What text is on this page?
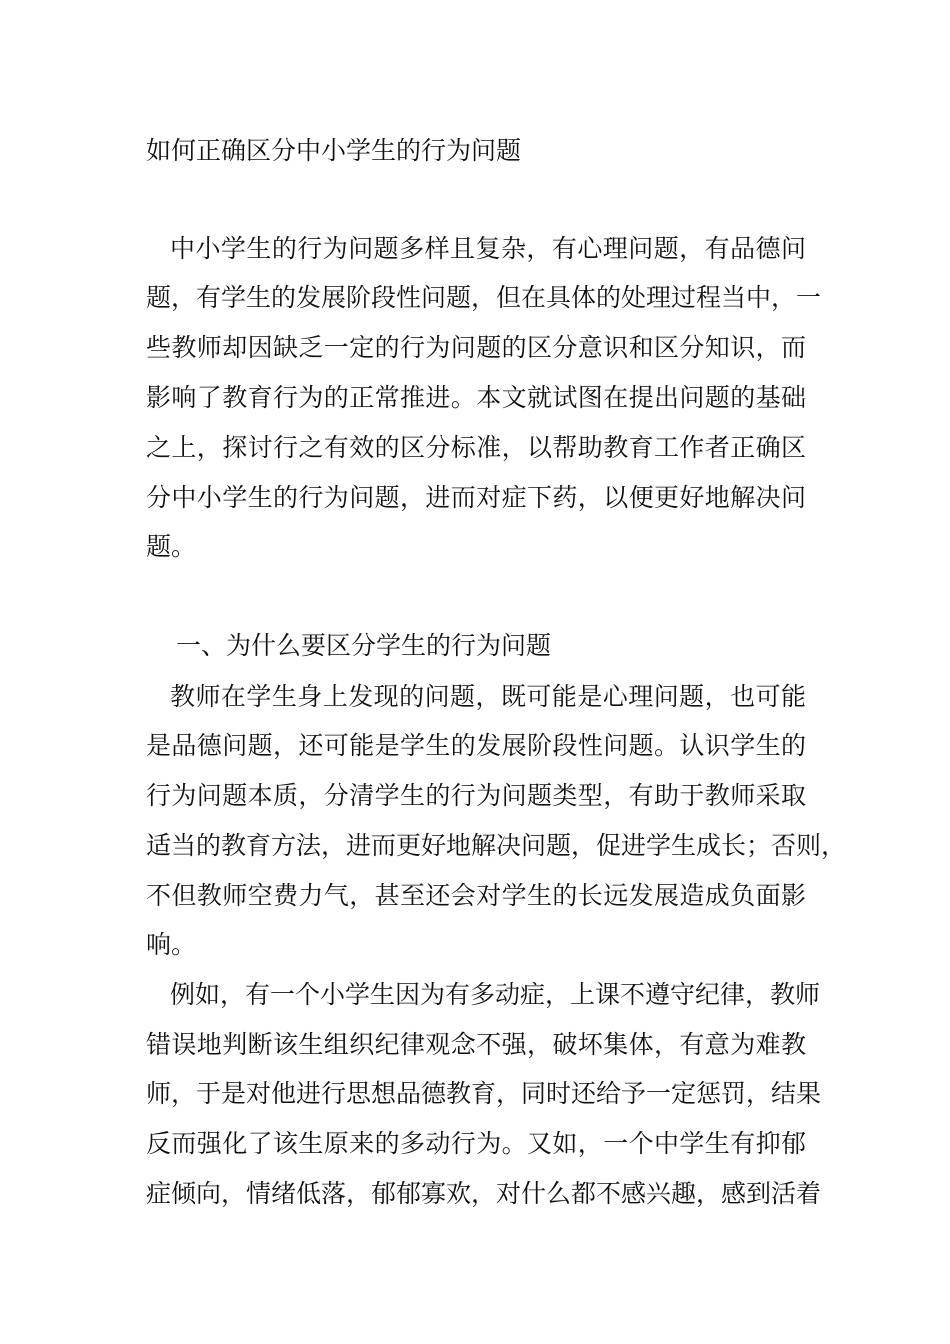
如何正确区分中小学生的行为问题
中小学生的行为问题多样且复杂，有心理问题，有品德问
题，有学生的发展阶段性问题，但在具体的处理过程当中，一
些教师却因缺乏一定的行为问题的区分意识和区分知识，而
影响了教育行为的正常推进。本文就试图在提出问题的基础
之上，探讨行之有效的区分标准，以帮助教育工作者正确区
分中小学生的行为问题，进而对症下药，以便更好地解决问
题。
一、为什么要区分学生的行为问题
教师在学生身上发现的问题，既可能是心理问题，也可能
是品德问题，还可能是学生的发展阶段性问题。认识学生的
行为问题本质，分清学生的行为问题类型，有助于教师采取
适当的教育方法，进而更好地解决问题，促进学生成长；否则，
不但教师空费力气，甚至还会对学生的长远发展造成负面影
响。
例如，有一个小学生因为有多动症，上课不遵守纪律，教师
错误地判断该生组织纪律观念不强，破坏集体，有意为难教
师，于是对他进行思想品德教育，同时还给予一定惩罚，结果
反而强化了该生原来的多动行为。又如，一个中学生有抑郁
症倾向，情绪低落，郁郁寡欢，对什么都不感兴趣，感到活着
